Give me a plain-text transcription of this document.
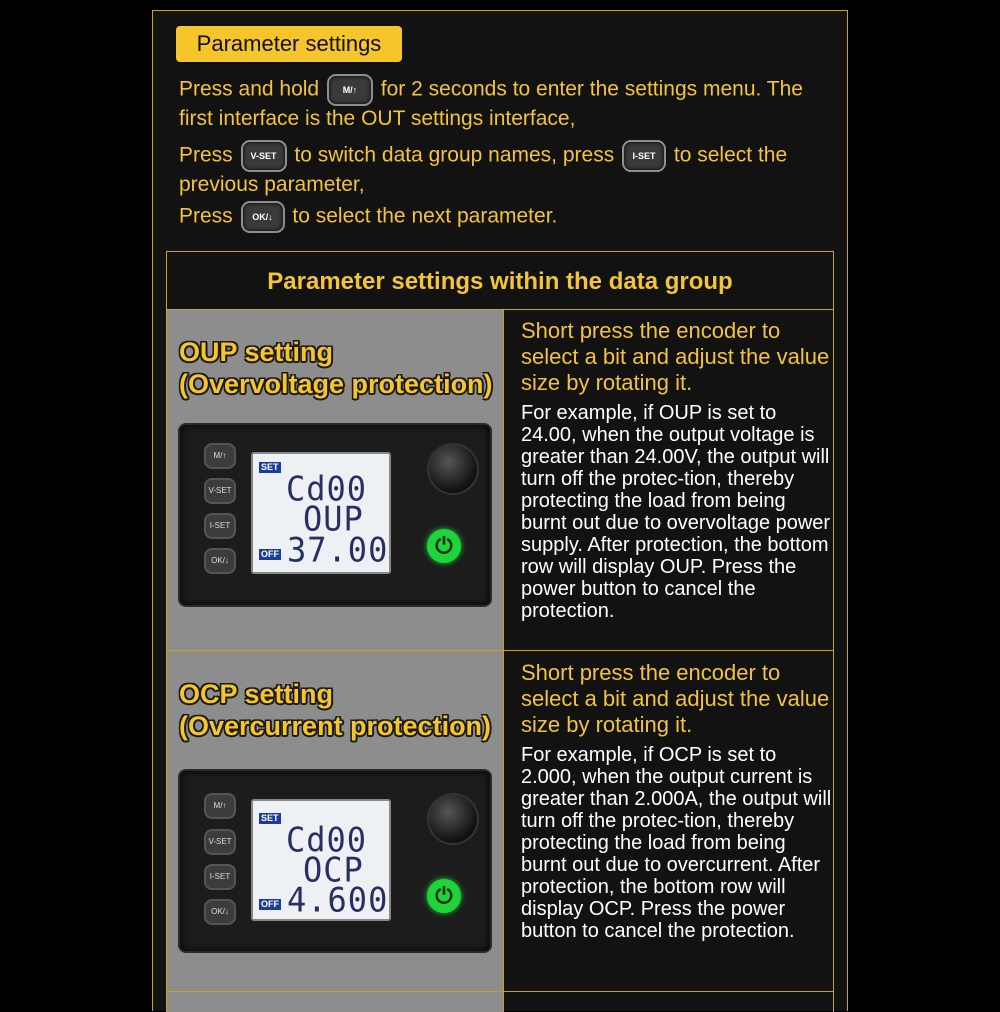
Parameter settings
Press and hold	M/↑ for 2 seconds to enter the settings menu. The
first interface is the OUT settings interface,
Press V-SET to switch data group names, press I-SET to select the
previous parameter,
Press OK/↓ to select the next parameter.
Parameter settings within the data group
OUP setting (Overvoltage protection)
M/↑
V-SET
I-SET
OK/↓
SET
OFF
Cd00
OUP
37.00	⏻
Short press the encoder to select a bit and adjust the value size by rotating it.
For example, if OUP is set to 24.00, when the output voltage is greater than 24.00V, the output will turn off the protec-tion, thereby protecting the load from being burnt out due to overvoltage power supply. After protection, the bottom row will display OUP. Press the power button to cancel the protection.
OCP setting (Overcurrent protection)
M/↑
V-SET
I-SET
OK/↓
SET
OFF
Cd00
OCP
4.600	⏻
Short press the encoder to select a bit and adjust the value size by rotating it.
For example, if OCP is set to 2.000, when the output current is greater than 2.000A, the output will turn off the protec-tion, thereby protecting the load from being burnt out due to overcurrent. After protection, the bottom row will display OCP. Press the power button to cancel the protection.
